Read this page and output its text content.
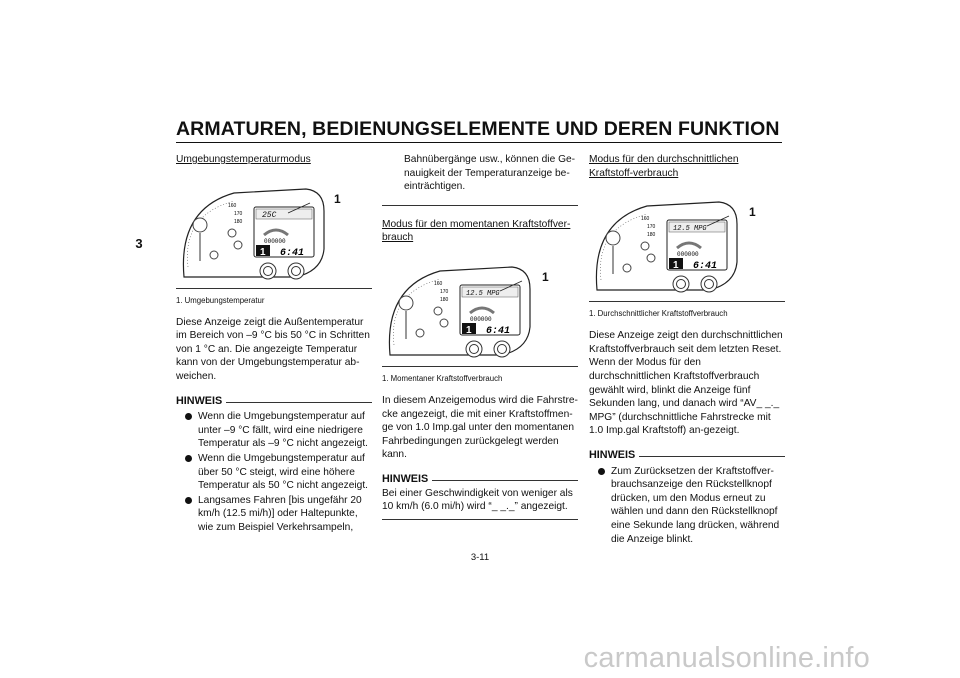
ARMATUREN, BEDIENUNGSELEMENTE UND DEREN FUNKTION
3
Umgebungstemperaturmodus
160
170
180
25C
000000
1 6:41
1
1. Umgebungstemperatur
Diese Anzeige zeigt die Außentemperatur im Bereich von –9 °C bis 50 °C in Schritten von 1 °C an. Die angezeigte Temperatur kann von der Umgebungstemperatur ab-weichen.
HINWEIS
Wenn die Umgebungstemperatur auf unter –9 °C fällt, wird eine niedrigere Temperatur als –9 °C nicht angezeigt.
Wenn die Umgebungstemperatur auf über 50 °C steigt, wird eine höhere Temperatur als 50 °C nicht angezeigt.
Langsames Fahren [bis ungefähr 20 km/h (12.5 mi/h)] oder Haltepunkte, wie zum Beispiel Verkehrsampeln,
Bahnübergänge usw., können die Ge-nauigkeit der Temperaturanzeige be-einträchtigen.
Modus für den momentanen Kraftstoffver-brauch
160
170
180
12.5 MPG
000000
1 6:41
1
1. Momentaner Kraftstoffverbrauch
In diesem Anzeigemodus wird die Fahrstre-cke angezeigt, die mit einer Kraftstoffmen-ge von 1.0 Imp.gal unter den momentanen Fahrbedingungen zurückgelegt werden kann.
HINWEIS
Bei einer Geschwindigkeit von weniger als 10 km/h (6.0 mi/h) wird “_ _._” angezeigt.
Modus für den durchschnittlichen Kraftstoff-verbrauch
160
170
180
12.5 MPG
000000
1 6:41
1
1. Durchschnittlicher Kraftstoffverbrauch
Diese Anzeige zeigt den durchschnittlichen Kraftstoffverbrauch seit dem letzten Reset. Wenn der Modus für den durchschnittlichen Kraftstoffverbrauch gewählt wird, blinkt die Anzeige fünf Sekunden lang, und danach wird “AV_ _._ MPG” (durchschnittliche Fahrstrecke mit 1.0 Imp.gal Kraftstoff) an-gezeigt.
HINWEIS
Zum Zurücksetzen der Kraftstoffver-brauchsanzeige den Rückstellknopf drücken, um den Modus erneut zu wählen und dann den Rückstellknopf eine Sekunde lang drücken, während die Anzeige blinkt.
3-11
carmanualsonline.info
